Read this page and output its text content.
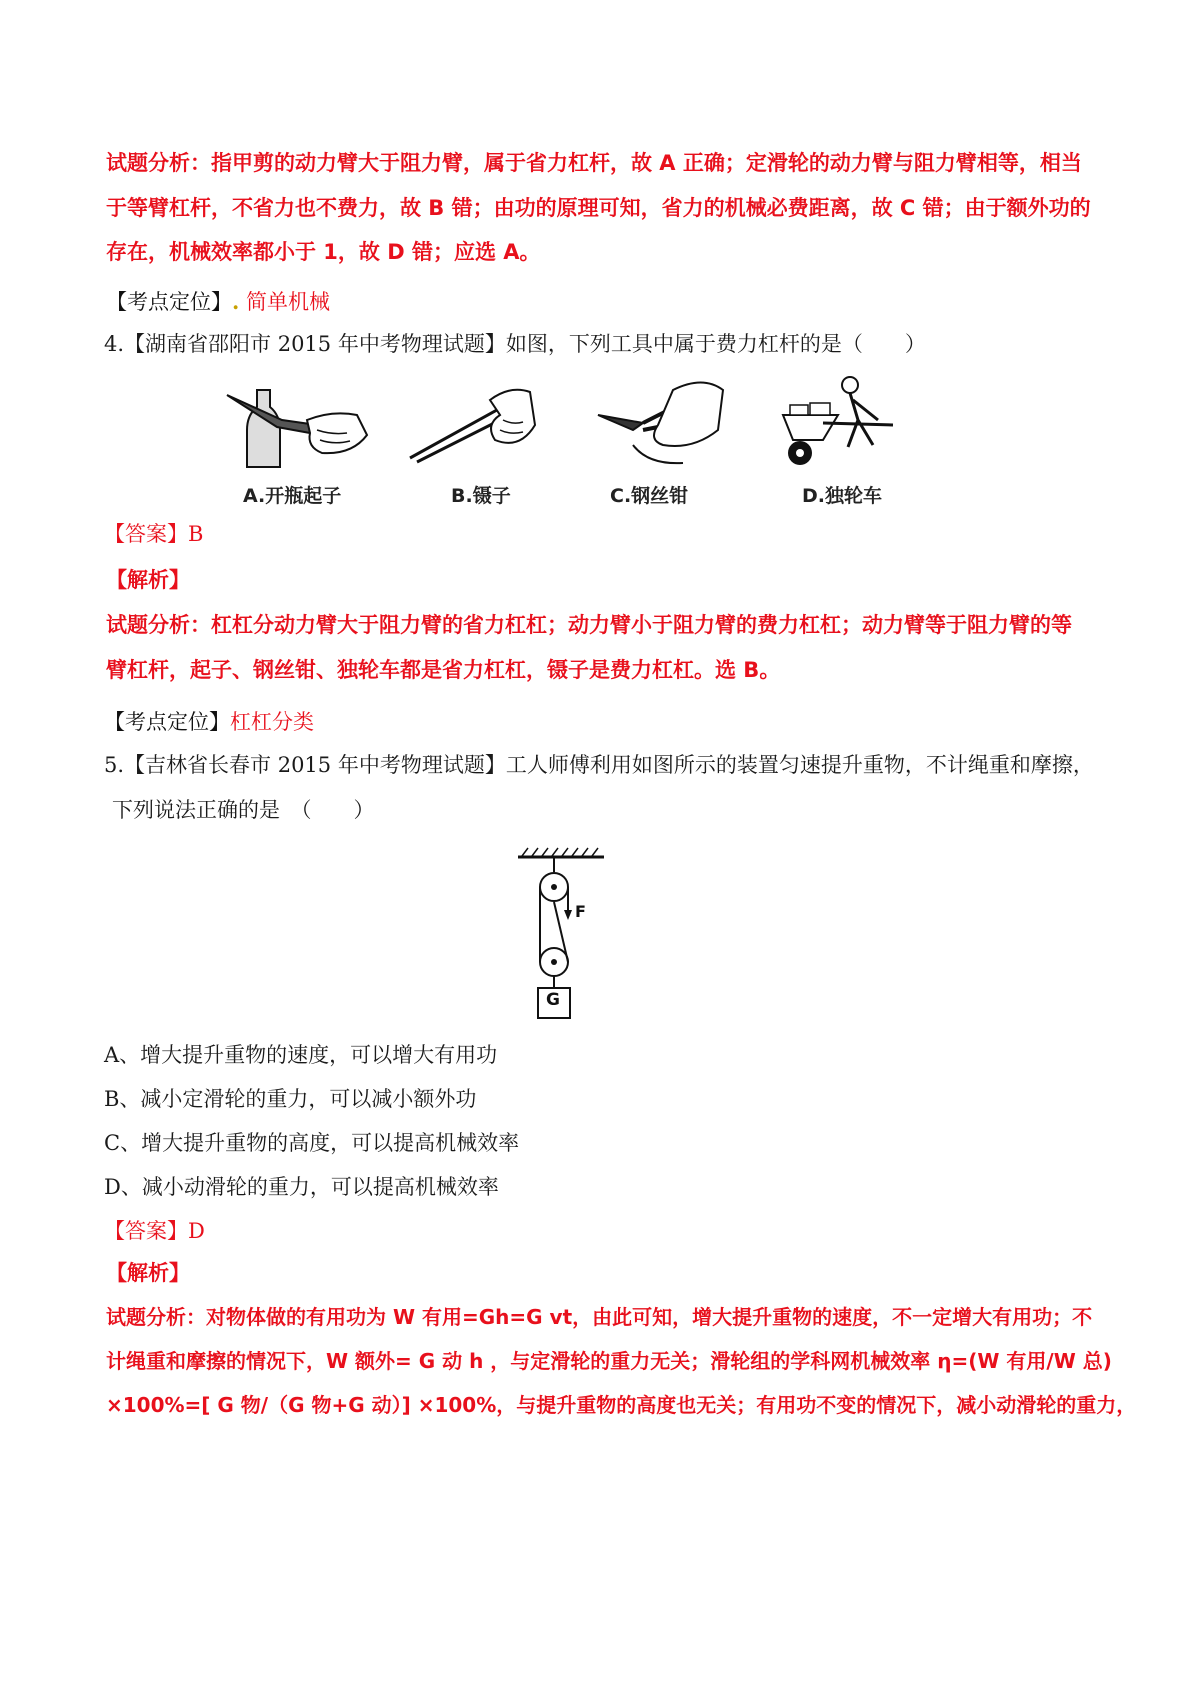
试题分析：指甲剪的动力臂大于阻力臂，属于省力杠杆，故 A 正确；定滑轮的动力臂与阻力臂相等，相当
于等臂杠杆，不省力也不费力，故 B 错；由功的原理可知，省力的机械必费距离，故 C 错；由于额外功的
存在，机械效率都小于 1，故 D 错；应选 A。
【考点定位】. 简单机械
4.【湖南省邵阳市 2015 年中考物理试题】如图，下列工具中属于费力杠杆的是（　　）
A.开瓶起子	B.镊子	C.钢丝钳	D.独轮车
【答案】B
【解析】
试题分析：杠杠分动力臂大于阻力臂的省力杠杠；动力臂小于阻力臂的费力杠杠；动力臂等于阻力臂的等
臂杠杆，起子、钢丝钳、独轮车都是省力杠杠，镊子是费力杠杠。选 B。
【考点定位】杠杠分类
5.【吉林省长春市 2015 年中考物理试题】工人师傅利用如图所示的装置匀速提升重物，不计绳重和摩擦，
下列说法正确的是　（　　）
F
G
A、增大提升重物的速度，可以增大有用功
B、减小定滑轮的重力，可以减小额外功
C、增大提升重物的高度，可以提高机械效率
D、减小动滑轮的重力，可以提高机械效率
【答案】D
【解析】
试题分析：对物体做的有用功为 W 有用=Gh=G vt，由此可知，增大提升重物的速度，不一定增大有用功；不
计绳重和摩擦的情况下，W 额外= G 动 h ，与定滑轮的重力无关；滑轮组的学科网机械效率 η=(W 有用/W 总)
×100%=[ G 物/（G 物+G 动）] ×100%，与提升重物的高度也无关；有用功不变的情况下，减小动滑轮的重力，
